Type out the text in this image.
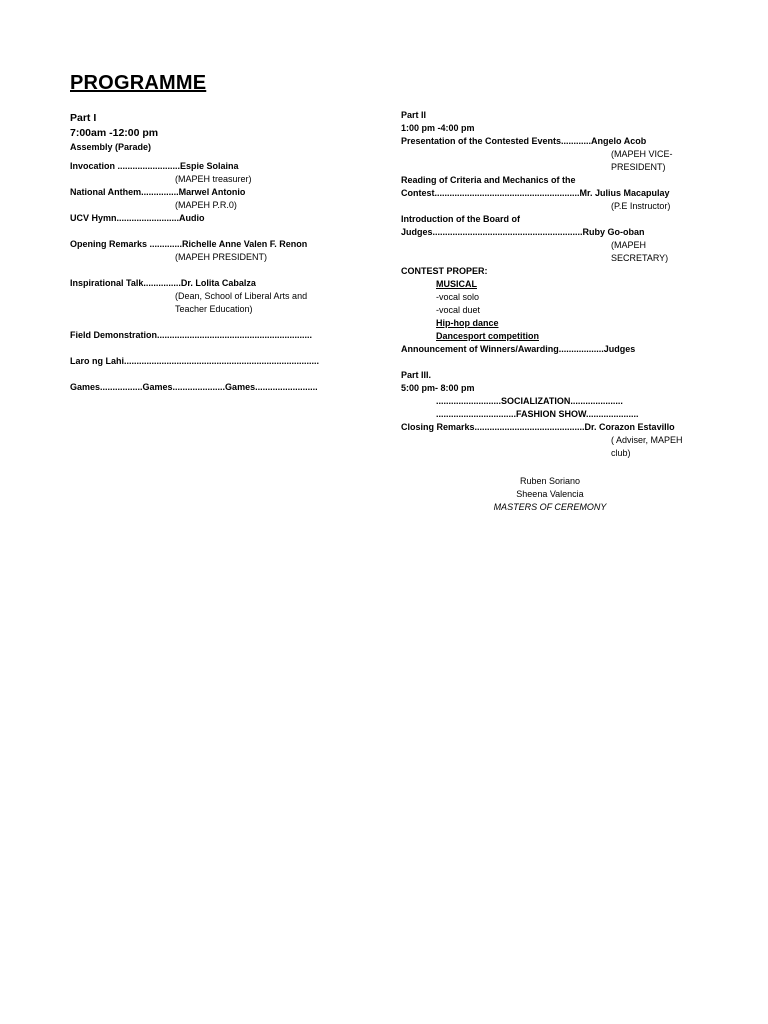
PROGRAMME
Part I
7:00am -12:00 pm
Assembly (Parade)
Invocation .........................Espie Solaina
(MAPEH treasurer)
National Anthem...............Marwel Antonio
(MAPEH P.R.0)
UCV Hymn.........................Audio
Opening Remarks .............Richelle Anne Valen F. Renon
(MAPEH PRESIDENT)
Inspirational Talk...............Dr. Lolita Cabalza
(Dean, School of Liberal Arts and
Teacher Education)
Field Demonstration..............................................................
Laro ng Lahi..............................................................................
Games.................Games.....................Games.........................
Part II
1:00 pm -4:00 pm
Presentation of the Contested Events............Angelo Acob
(MAPEH VICE-
PRESIDENT)
Reading of Criteria and Mechanics of the
Contest..........................................................Mr. Julius Macapulay
(P.E Instructor)
Introduction of the Board of
Judges............................................................Ruby Go-oban
(MAPEH
SECRETARY)
CONTEST PROPER:
MUSICAL
-vocal solo
-vocal duet
Hip-hop dance
Dancesport competition
Announcement of Winners/Awarding..................Judges
Part III.
5:00 pm- 8:00 pm
..........................SOCIALIZATION.....................
................................FASHION SHOW.....................
Closing Remarks............................................Dr. Corazon Estavillo
( Adviser, MAPEH
club)
Ruben Soriano
Sheena Valencia
MASTERS OF CEREMONY
